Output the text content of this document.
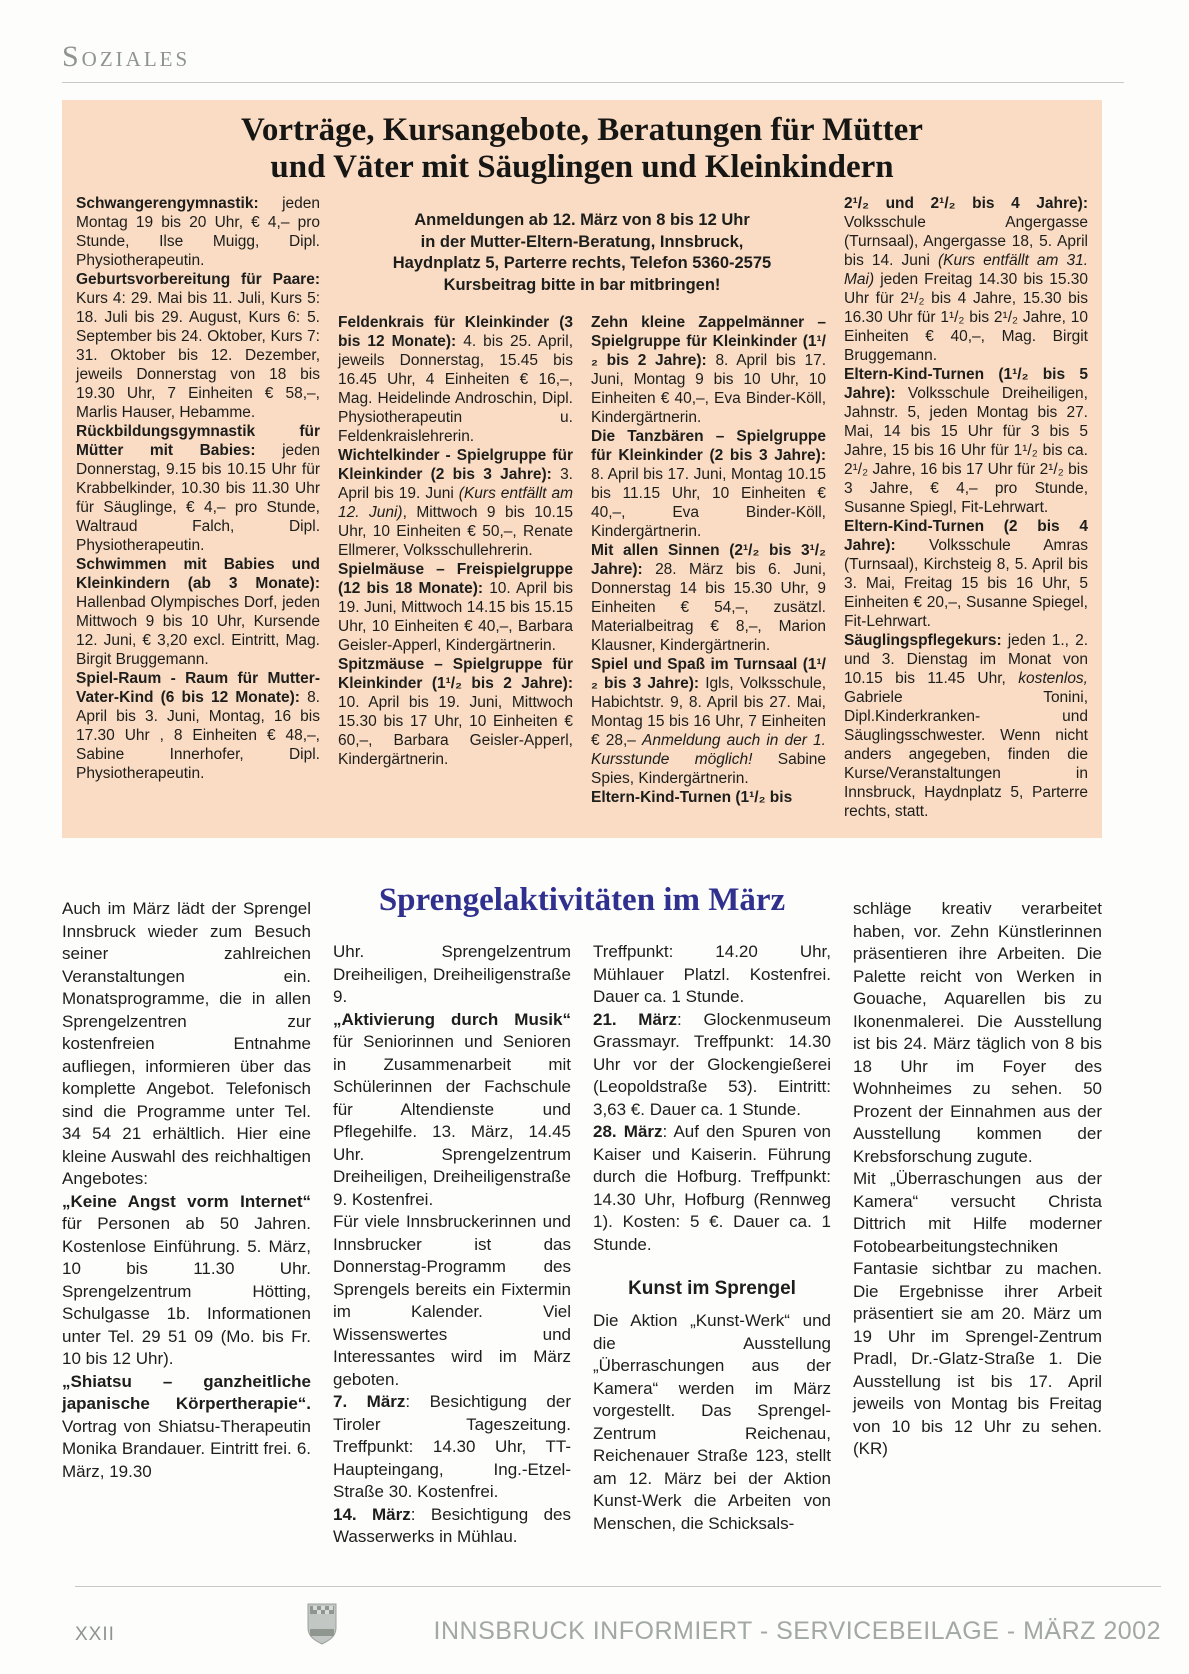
Soziales
Vorträge, Kursangebote, Beratungen für Mütter
und Väter mit Säuglingen und Kleinkindern

Schwangerengymnastik: jeden Montag 19 bis 20 Uhr, € 4,– pro Stunde, Ilse Muigg, Dipl. Physiotherapeutin.

Geburtsvorbereitung für Paare: Kurs 4: 29. Mai bis 11. Juli, Kurs 5: 18. Juli bis 29. August, Kurs 6: 5. September bis 24. Oktober, Kurs 7: 31. Oktober bis 12. Dezember, jeweils Donnerstag von 18 bis 19.30 Uhr, 7 Einheiten € 58,–, Marlis Hauser, Hebamme.

Rückbildungsgymnastik für Mütter mit Babies: jeden Donnerstag, 9.15 bis 10.15 Uhr für Krabbelkinder, 10.30 bis 11.30 Uhr für Säuglinge, € 4,– pro Stunde, Waltraud Falch, Dipl. Physiotherapeutin.

Schwimmen mit Babies und Kleinkindern (ab 3 Monate): Hallenbad Olympisches Dorf, jeden Mittwoch 9 bis 10 Uhr, Kursende 12. Juni, € 3,20 excl. Eintritt, Mag. Birgit Bruggemann.

Spiel-Raum - Raum für Mutter-Vater-Kind (6 bis 12 Monate): 8. April bis 3. Juni, Montag, 16 bis 17.30 Uhr , 8 Einheiten € 48,–, Sabine Innerhofer, Dipl. Physiotherapeutin.

Anmeldungen ab 12. März von 8 bis 12 Uhr
in der Mutter-Eltern-Beratung, Innsbruck,
Haydnplatz 5, Parterre rechts, Telefon 5360-2575
Kursbeitrag bitte in bar mitbringen!

Feldenkrais für Kleinkinder (3 bis 12 Monate): 4. bis 25. April, jeweils Donnerstag, 15.45 bis 16.45 Uhr, 4 Einheiten € 16,–, Mag. Heidelinde Androschin, Dipl. Physiotherapeutin u. Feldenkraislehrerin.

Wichtelkinder - Spielgruppe für Kleinkinder (2 bis 3 Jahre): 3. April bis 19. Juni (Kurs entfällt am 12. Juni), Mittwoch 9 bis 10.15 Uhr, 10 Einheiten € 50,–, Renate Ellmerer, Volksschullehrerin.

Spielmäuse – Freispielgruppe (12 bis 18 Monate): 10. April bis 19. Juni, Mittwoch 14.15 bis 15.15 Uhr, 10 Einheiten € 40,–, Barbara Geisler-Apperl, Kindergärtnerin.

Spitzmäuse – Spielgruppe für Kleinkinder (1¹/₂ bis 2 Jahre): 10. April bis 19. Juni, Mittwoch 15.30 bis 17 Uhr, 10 Einheiten € 60,–, Barbara Geisler-Apperl, Kindergärtnerin.

Zehn kleine Zappelmänner – Spielgruppe für Kleinkinder (1¹/₂ bis 2 Jahre): 8. April bis 17. Juni, Montag 9 bis 10 Uhr, 10 Einheiten € 40,–, Eva Binder-Köll, Kindergärtnerin.

Die Tanzbären – Spielgruppe für Kleinkinder (2 bis 3 Jahre): 8. April bis 17. Juni, Montag 10.15 bis 11.15 Uhr, 10 Einheiten € 40,–, Eva Binder-Köll, Kindergärtnerin.

Mit allen Sinnen (2¹/₂ bis 3¹/₂ Jahre): 28. März bis 6. Juni, Donnerstag 14 bis 15.30 Uhr, 9 Einheiten € 54,–, zusätzl. Materialbeitrag € 8,–, Marion Klausner, Kindergärtnerin.

Spiel und Spaß im Turnsaal (1¹/₂ bis 3 Jahre): Igls, Volksschule, Habichtstr. 9, 8. April bis 27. Mai, Montag 15 bis 16 Uhr, 7 Einheiten € 28,– Anmeldung auch in der 1. Kursstunde möglich! Sabine Spies, Kindergärtnerin.

Eltern-Kind-Turnen (1¹/₂ bis

2¹/₂ und 2¹/₂ bis 4 Jahre): Volksschule Angergasse (Turnsaal), Angergasse 18, 5. April bis 14. Juni (Kurs entfällt am 31. Mai) jeden Freitag 14.30 bis 15.30 Uhr für 2¹/₂ bis 4 Jahre, 15.30 bis 16.30 Uhr für 1¹/₂ bis 2¹/₂ Jahre, 10 Einheiten € 40,–, Mag. Birgit Bruggemann.

Eltern-Kind-Turnen (1¹/₂ bis 5 Jahre): Volksschule Dreiheiligen, Jahnstr. 5, jeden Montag bis 27. Mai, 14 bis 15 Uhr für 3 bis 5 Jahre, 15 bis 16 Uhr für 1¹/₂ bis ca. 2¹/₂ Jahre, 16 bis 17 Uhr für 2¹/₂ bis 3 Jahre, € 4,– pro Stunde, Susanne Spiegl, Fit-Lehrwart.

Eltern-Kind-Turnen (2 bis 4 Jahre): Volksschule Amras (Turnsaal), Kirchsteig 8, 5. April bis 3. Mai, Freitag 15 bis 16 Uhr, 5 Einheiten € 20,–, Susanne Spiegel, Fit-Lehrwart.

Säuglingspflegekurs: jeden 1., 2. und 3. Dienstag im Monat von 10.15 bis 11.45 Uhr, kostenlos, Gabriele Tonini, Dipl.Kinderkranken- und Säuglingsschwester. Wenn nicht anders angegeben, finden die Kurse/Veranstaltungen in Innsbruck, Haydnplatz 5, Parterre rechts, statt.

Auch im März lädt der Sprengel Innsbruck wieder zum Besuch seiner zahlreichen Veranstaltungen ein. Monatsprogramme, die in allen Sprengelzentren zur kostenfreien Entnahme aufliegen, informieren über das komplette Angebot. Telefonisch sind die Programme unter Tel. 34 54 21 erhältlich. Hier eine kleine Auswahl des reichhaltigen Angebotes:

„Keine Angst vorm Internet“ für Personen ab 50 Jahren. Kostenlose Einführung. 5. März, 10 bis 11.30 Uhr. Sprengelzentrum Hötting, Schulgasse 1b. Informationen unter Tel. 29 51 09 (Mo. bis Fr. 10 bis 12 Uhr).

„Shiatsu – ganzheitliche japanische Körpertherapie“. Vortrag von Shiatsu-Therapeutin Monika Brandauer. Eintritt frei. 6. März, 19.30

Sprengelaktivitäten im März

Uhr. Sprengelzentrum Dreiheiligen, Dreiheiligenstraße 9.

„Aktivierung durch Musik“ für Seniorinnen und Senioren in Zusammenarbeit mit Schülerinnen der Fachschule für Altendienste und Pflegehilfe. 13. März, 14.45 Uhr. Sprengelzentrum Dreiheiligen, Dreiheiligenstraße 9. Kostenfrei.

Für viele Innsbruckerinnen und Innsbrucker ist das Donnerstag-Programm des Sprengels bereits ein Fixtermin im Kalender. Viel Wissenswertes und Interessantes wird im März geboten.

7. März: Besichtigung der Tiroler Tageszeitung. Treffpunkt: 14.30 Uhr, TT-Haupteingang, Ing.-Etzel-Straße 30. Kostenfrei.

14. März: Besichtigung des Wasserwerks in Mühlau.

Treffpunkt: 14.20 Uhr, Mühlauer Platzl. Kostenfrei. Dauer ca. 1 Stunde.

21. März: Glockenmuseum Grassmayr. Treffpunkt: 14.30 Uhr vor der Glockengießerei (Leopoldstraße 53). Eintritt: 3,63 €. Dauer ca. 1 Stunde.

28. März: Auf den Spuren von Kaiser und Kaiserin. Führung durch die Hofburg. Treffpunkt: 14.30 Uhr, Hofburg (Rennweg 1). Kosten: 5 €. Dauer ca. 1 Stunde.

Kunst im Sprengel

Die Aktion „Kunst-Werk“ und die Ausstellung „Überraschungen aus der Kamera“ werden im März vorgestellt. Das Sprengel-Zentrum Reichenau, Reichenauer Straße 123, stellt am 12. März bei der Aktion Kunst-Werk die Arbeiten von Menschen, die Schicksals-

schläge kreativ verarbeitet haben, vor. Zehn Künstlerinnen präsentieren ihre Arbeiten. Die Palette reicht von Werken in Gouache, Aquarellen bis zu Ikonenmalerei. Die Ausstellung ist bis 24. März täglich von 8 bis 18 Uhr im Foyer des Wohnheimes zu sehen. 50 Prozent der Einnahmen aus der Ausstellung kommen der Krebsforschung zugute.

Mit „Überraschungen aus der Kamera“ versucht Christa Dittrich mit Hilfe moderner Fotobearbeitungstechniken Fantasie sichtbar zu machen. Die Ergebnisse ihrer Arbeit präsentiert sie am 20. März um 19 Uhr im Sprengel-Zentrum Pradl, Dr.-Glatz-Straße 1. Die Ausstellung ist bis 17. April jeweils von Montag bis Freitag von 10 bis 12 Uhr zu sehen. (KR)

XXII	INNSBRUCK INFORMIERT - SERVICEBEILAGE - MÄRZ 2002
